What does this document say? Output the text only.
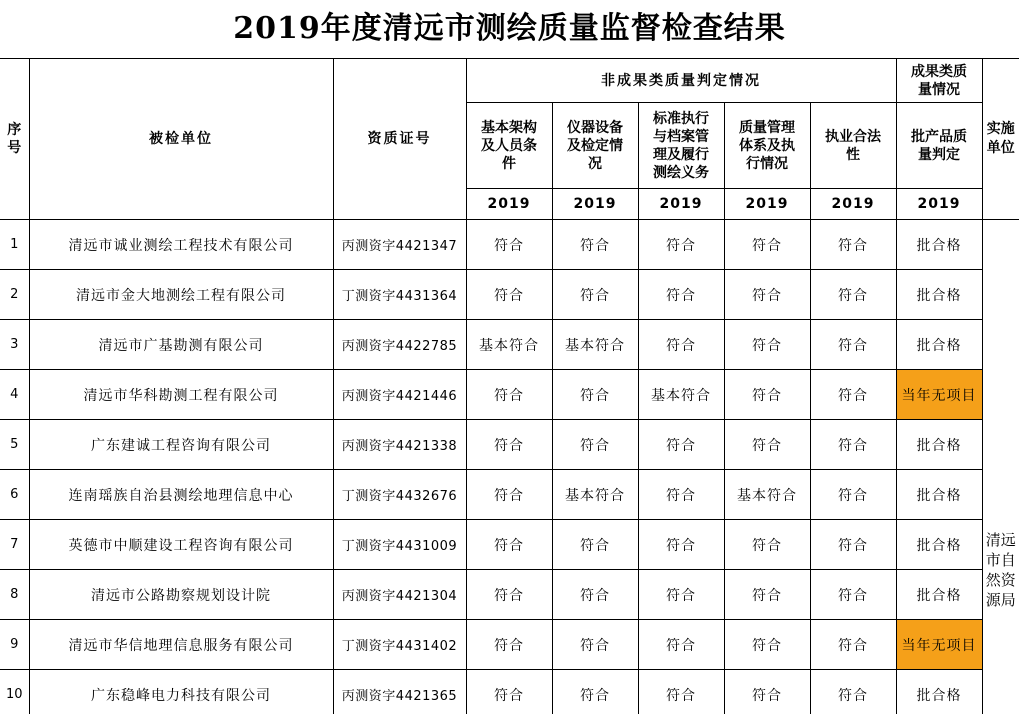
2019年度清远市测绘质量监督检查结果
序号	被检单位	资质证号	非成果类质量判定情况					成果类质量情况	实施单位
			基本架构及人员条件	仪器设备及检定情况	标准执行与档案管理及履行测绘义务	质量管理体系及执行情况	执业合法性	批产品质量判定	
			2019	2019	2019	2019	2019	2019	
1	清远市诚业测绘工程技术有限公司	丙测资字4421347	符合	符合	符合	符合	符合	批合格	清远市自然资源局
2	清远市金大地测绘工程有限公司	丁测资字4431364	符合	符合	符合	符合	符合	批合格	
3	清远市广基勘测有限公司	丙测资字4422785	基本符合	基本符合	符合	符合	符合	批合格	
4	清远市华科勘测工程有限公司	丙测资字4421446	符合	符合	基本符合	符合	符合	当年无项目	
5	广东建诚工程咨询有限公司	丙测资字4421338	符合	符合	符合	符合	符合	批合格	
6	连南瑶族自治县测绘地理信息中心	丁测资字4432676	符合	基本符合	符合	基本符合	符合	批合格	
7	英德市中顺建设工程咨询有限公司	丁测资字4431009	符合	符合	符合	符合	符合	批合格	
8	清远市公路勘察规划设计院	丙测资字4421304	符合	符合	符合	符合	符合	批合格	
9	清远市华信地理信息服务有限公司	丁测资字4431402	符合	符合	符合	符合	符合	当年无项目	
10	广东稳峰电力科技有限公司	丙测资字4421365	符合	符合	符合	符合	符合	批合格	
